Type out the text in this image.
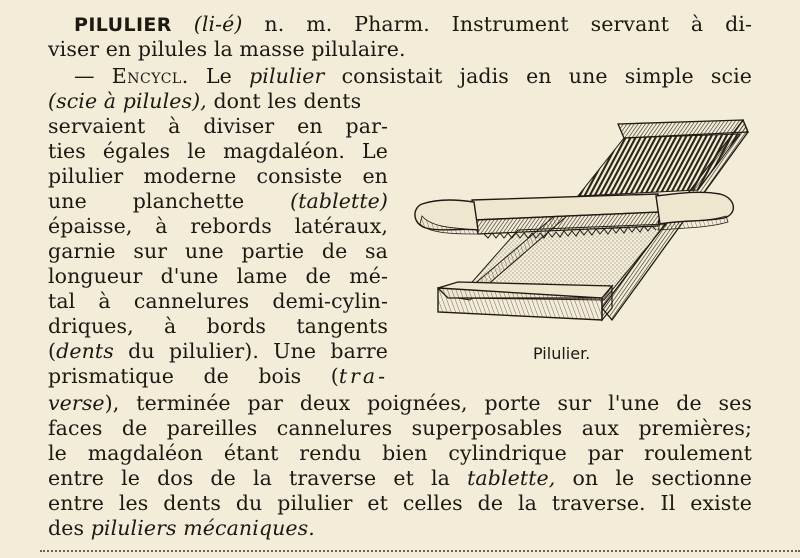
PILULIER (li-é) n. m. Pharm. Instrument servant à di-
viser en pilules la masse pilulaire.
— Encycl. Le pilulier consistait jadis en une simple scie
(scie à pilules), dont les dents
servaient à diviser en par-
ties égales le magdaléon. Le
pilulier moderne consiste en
une planchette (tablette)
épaisse, à rebords latéraux,
garnie sur une partie de sa
longueur d'une lame de mé-
tal à cannelures demi-cylin-
driques, à bords tangents
(dents du pilulier). Une barre
prismatique de bois (tra-
verse), terminée par deux poignées, porte sur l'une de ses
faces de pareilles cannelures superposables aux premières;
le magdaléon étant rendu bien cylindrique par roulement
entre le dos de la traverse et la tablette, on le sectionne
entre les dents du pilulier et celles de la traverse. Il existe
des piluliers mécaniques.
Pilulier.
